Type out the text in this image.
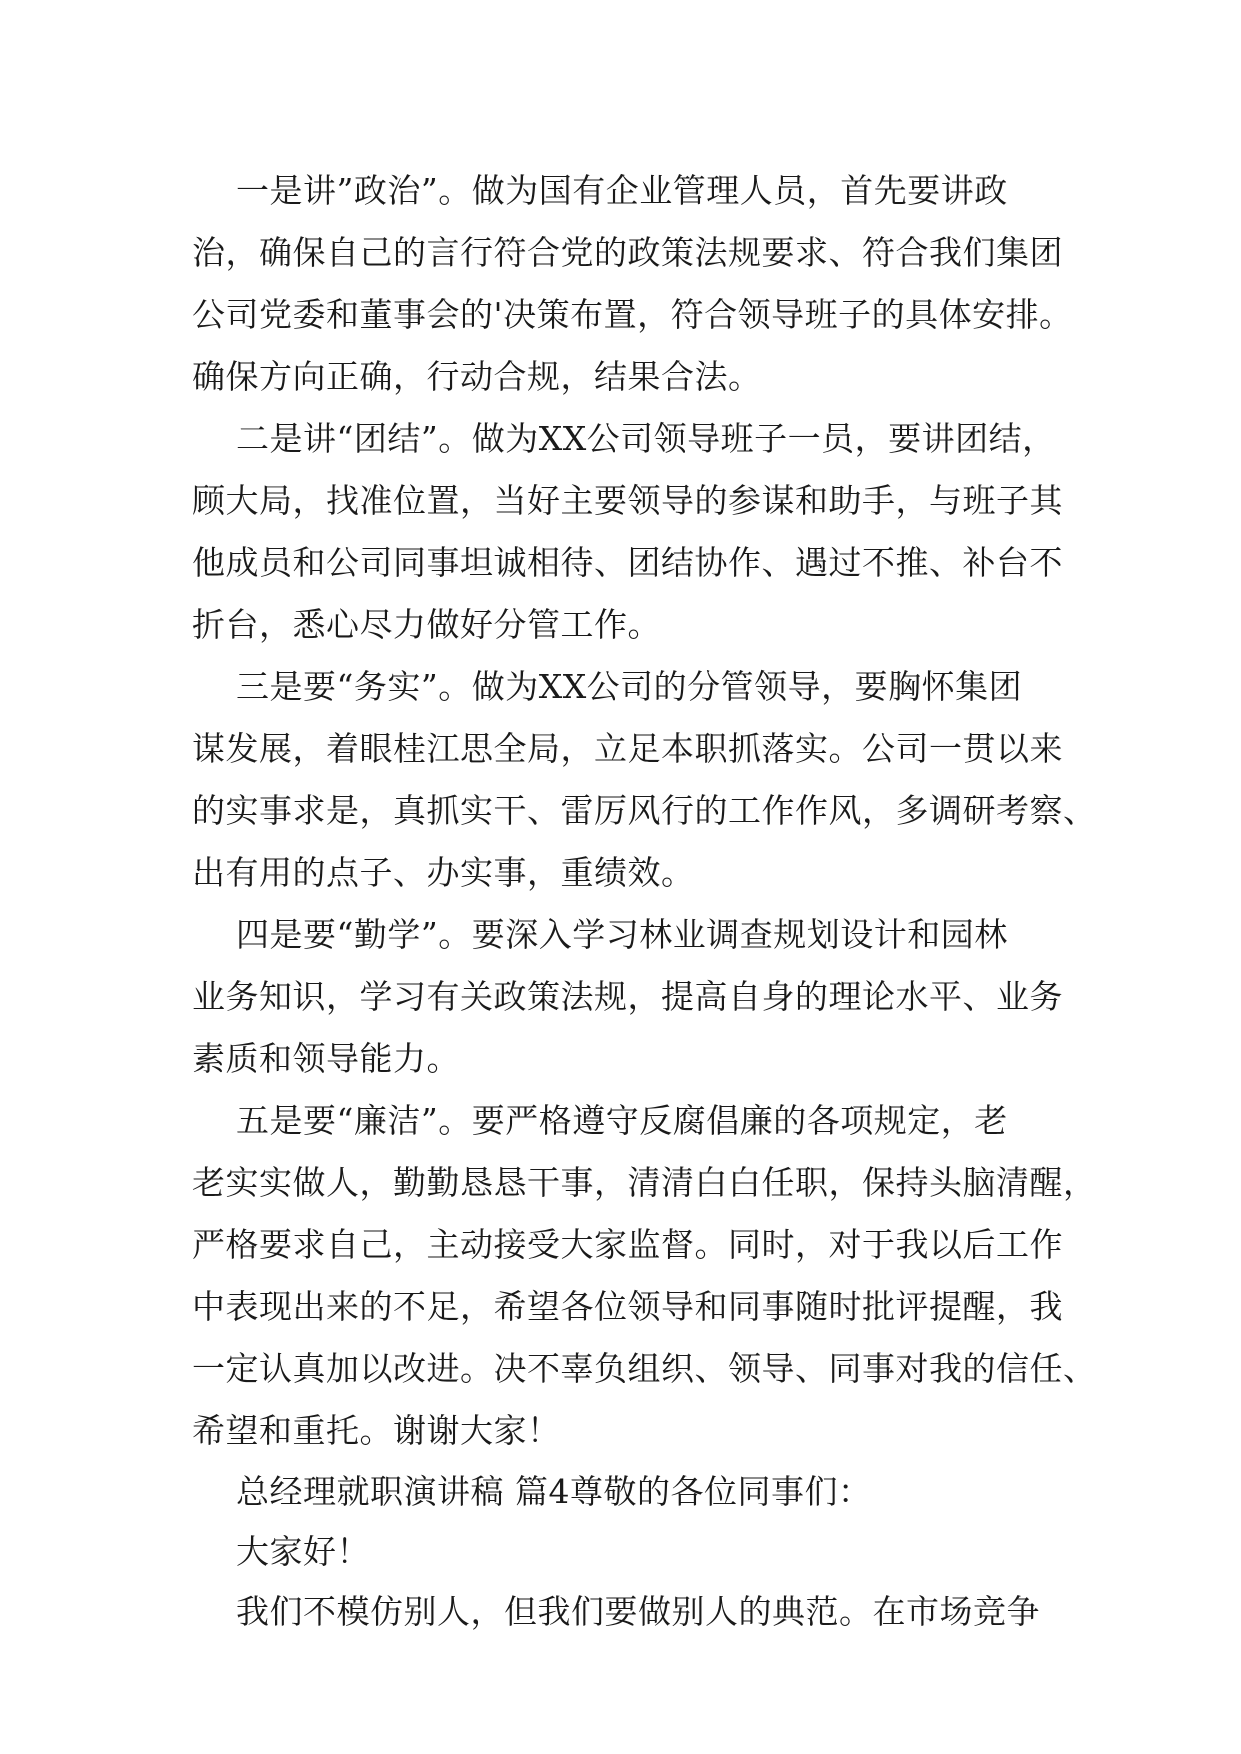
一是讲”政治”。做为国有企业管理人员，首先要讲政
治，确保自己的言行符合党的政策法规要求、符合我们集团
公司党委和董事会的'决策布置，符合领导班子的具体安排。
确保方向正确，行动合规，结果合法。
二是讲“团结”。做为XX公司领导班子一员，要讲团结，
顾大局，找准位置，当好主要领导的参谋和助手，与班子其
他成员和公司同事坦诚相待、团结协作、遇过不推、补台不
折台，悉心尽力做好分管工作。
三是要“务实”。做为XX公司的分管领导，要胸怀集团
谋发展，着眼桂江思全局，立足本职抓落实。公司一贯以来
的实事求是，真抓实干、雷厉风行的工作作风，多调研考察、
出有用的点子、办实事，重绩效。
四是要“勤学”。要深入学习林业调查规划设计和园林
业务知识，学习有关政策法规，提高自身的理论水平、业务
素质和领导能力。
五是要“廉洁”。要严格遵守反腐倡廉的各项规定，老
老实实做人，勤勤恳恳干事，清清白白任职，保持头脑清醒，
严格要求自己，主动接受大家监督。同时，对于我以后工作
中表现出来的不足，希望各位领导和同事随时批评提醒，我
一定认真加以改进。决不辜负组织、领导、同事对我的信任、
希望和重托。谢谢大家！
总经理就职演讲稿 篇4尊敬的各位同事们：
大家好！
我们不模仿别人，但我们要做别人的典范。在市场竞争
